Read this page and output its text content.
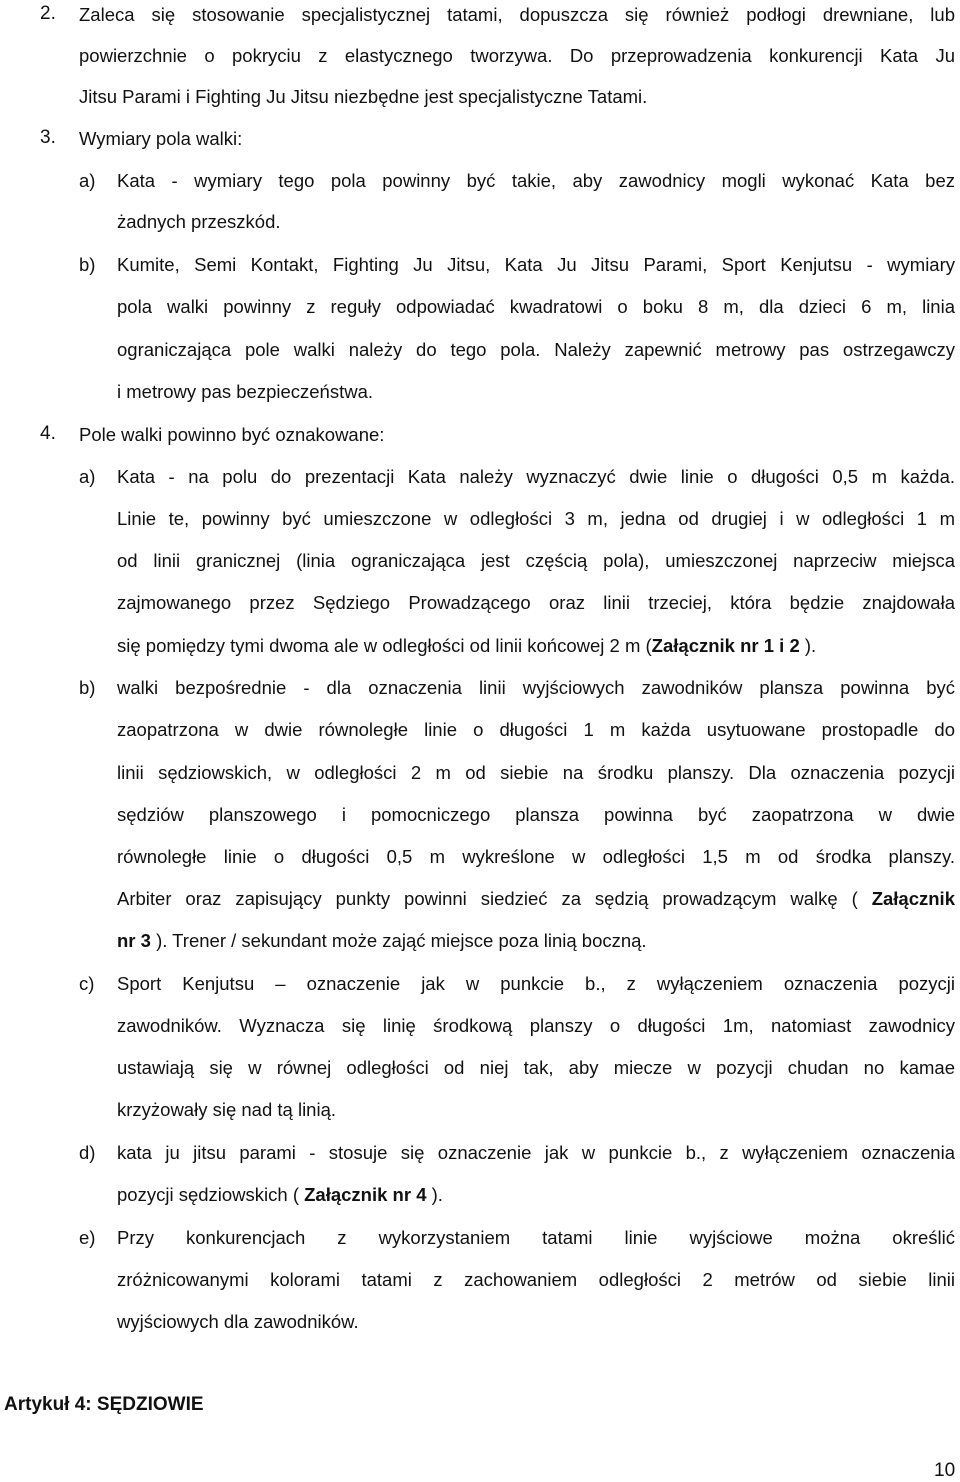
2. Zaleca się stosowanie specjalistycznej tatami, dopuszcza się również podłogi drewniane, lub
powierzchnie o pokryciu z elastycznego tworzywa. Do przeprowadzenia konkurencji Kata Ju
Jitsu Parami i Fighting Ju Jitsu niezbędne jest specjalistyczne Tatami.
3. Wymiary pola walki:
a) Kata - wymiary tego pola powinny być takie, aby zawodnicy mogli wykonać Kata bez
żadnych przeszkód.
b) Kumite, Semi Kontakt, Fighting Ju Jitsu, Kata Ju Jitsu Parami, Sport Kenjutsu - wymiary
pola walki powinny z reguły odpowiadać kwadratowi o boku 8 m, dla dzieci 6 m, linia
ograniczająca pole walki należy do tego pola. Należy zapewnić metrowy pas ostrzegawczy
i metrowy pas bezpieczeństwa.
4. Pole walki powinno być oznakowane:
a) Kata - na polu do prezentacji Kata należy wyznaczyć dwie linie o długości 0,5 m każda.
Linie te, powinny być umieszczone w odległości 3 m, jedna od drugiej i w odległości 1 m
od linii granicznej (linia ograniczająca jest częścią pola), umieszczonej naprzeciw miejsca
zajmowanego przez Sędziego Prowadzącego oraz linii trzeciej, która będzie znajdowała
się pomiędzy tymi dwoma ale w odległości od linii końcowej 2 m (Załącznik nr 1 i 2 ).
b) walki bezpośrednie - dla oznaczenia linii wyjściowych zawodników plansza powinna być
zaopatrzona w dwie równoległe linie o długości 1 m każda usytuowane prostopadle do
linii sędziowskich, w odległości 2 m od siebie na środku planszy. Dla oznaczenia pozycji
sędziów planszowego i pomocniczego plansza powinna być zaopatrzona w dwie
równoległe linie o długości 0,5 m wykreślone w odległości 1,5 m od środka planszy.
Arbiter oraz zapisujący punkty powinni siedzieć za sędzią prowadzącym walkę ( Załącznik
nr 3 ). Trener / sekundant może zająć miejsce poza linią boczną.
c) Sport Kenjutsu – oznaczenie jak w punkcie b., z wyłączeniem oznaczenia pozycji
zawodników. Wyznacza się linię środkową planszy o długości 1m, natomiast zawodnicy
ustawiają się w równej odległości od niej tak, aby miecze w pozycji chudan no kamae
krzyżowały się nad tą linią.
d) kata ju jitsu parami - stosuje się oznaczenie jak w punkcie b., z wyłączeniem oznaczenia
pozycji sędziowskich ( Załącznik nr 4 ).
e) Przy konkurencjach z wykorzystaniem tatami linie wyjściowe można określić
zróżnicowanymi kolorami tatami z zachowaniem odległości 2 metrów od siebie linii
wyjściowych dla zawodników.
Artykuł 4: SĘDZIOWIE
10
